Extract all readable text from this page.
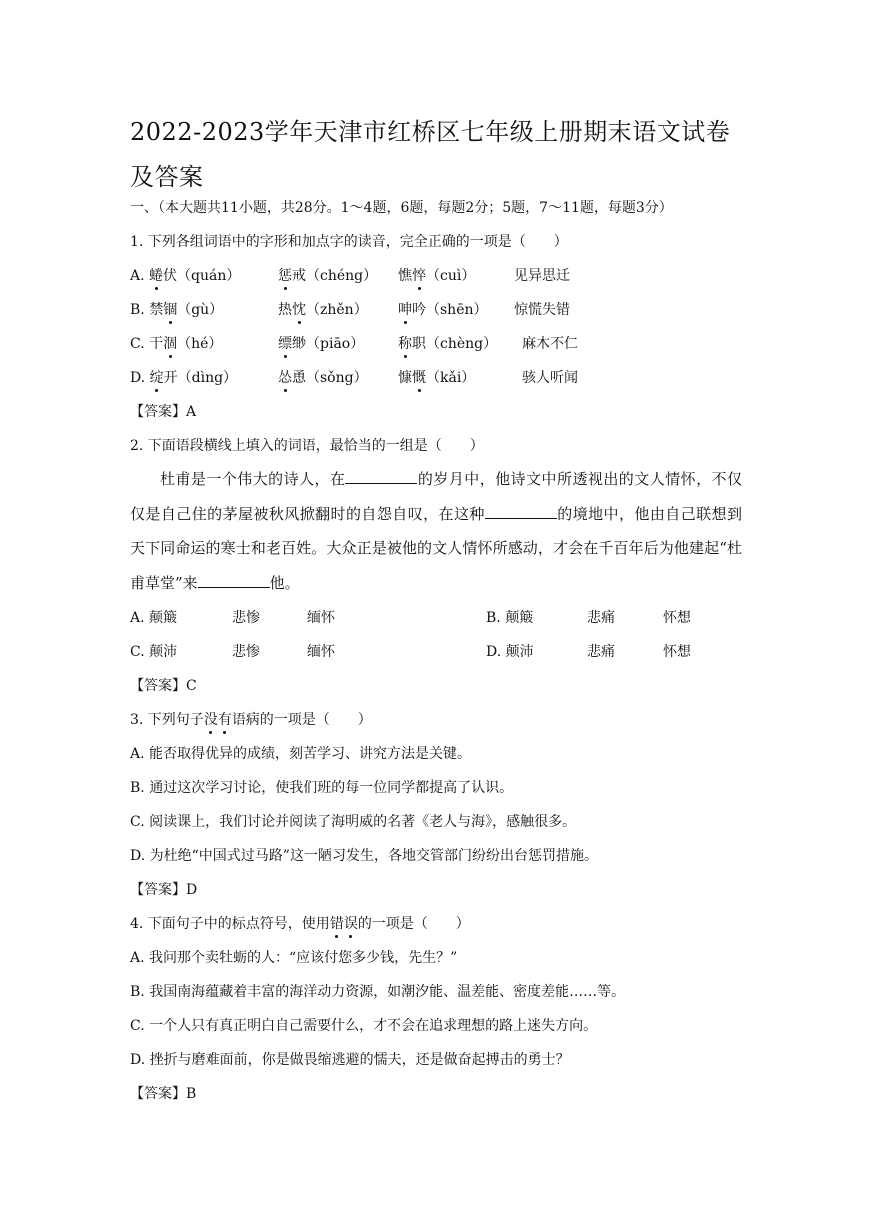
2022-2023学年天津市红桥区七年级上册期末语文试卷及答案
一、（本大题共11小题，共28分。1～4题，6题，每题2分；5题，7～11题，每题3分）
1. 下列各组词语中的字形和加点字的读音，完全正确的一项是（　　）
A. 蜷伏（quán）	惩戒（chéng） 憔悴（cuì）	见异思迁
B. 禁锢（gù）	热忱（zhěn） 呻吟（shēn） 惊慌失错
C. 干涸（hé）	缥缈（piāo） 称职（chèng） 麻木不仁
D. 绽开（dìng）	怂恿（sǒng） 慷慨（kǎi）	骇人听闻
【答案】A
2. 下面语段横线上填入的词语，最恰当的一组是（　　）
杜甫是一个伟大的诗人，在	的岁月中，他诗文中所透视出的文人情怀，不仅仅是自己住的茅屋被秋风掀翻时的自怨自叹，在这种	的境地中，他由自己联想到天下同命运的寒士和老百姓。大众正是被他的文人情怀所感动，才会在千百年后为他建起“杜甫草堂”来	他。
A. 颠簸	悲惨	缅怀	B. 颠簸	悲痛	怀想
C. 颠沛	悲惨	缅怀	D. 颠沛	悲痛	怀想
【答案】C
3. 下列句子没有语病的一项是（　　）
A. 能否取得优异的成绩，刻苦学习、讲究方法是关键。
B. 通过这次学习讨论，使我们班的每一位同学都提高了认识。
C. 阅读课上，我们讨论并阅读了海明威的名著《老人与海》，感触很多。
D. 为杜绝“中国式过马路”这一陋习发生，各地交管部门纷纷出台惩罚措施。
【答案】D
4. 下面句子中的标点符号，使用错误的一项是（　　）
A. 我问那个卖牡蛎的人：“应该付您多少钱，先生？”
B. 我国南海蕴藏着丰富的海洋动力资源，如潮汐能、温差能、密度差能……等。
C. 一个人只有真正明白自己需要什么，才不会在追求理想的路上迷失方向。
D. 挫折与磨难面前，你是做畏缩逃避的懦夫，还是做奋起搏击的勇士？
【答案】B
